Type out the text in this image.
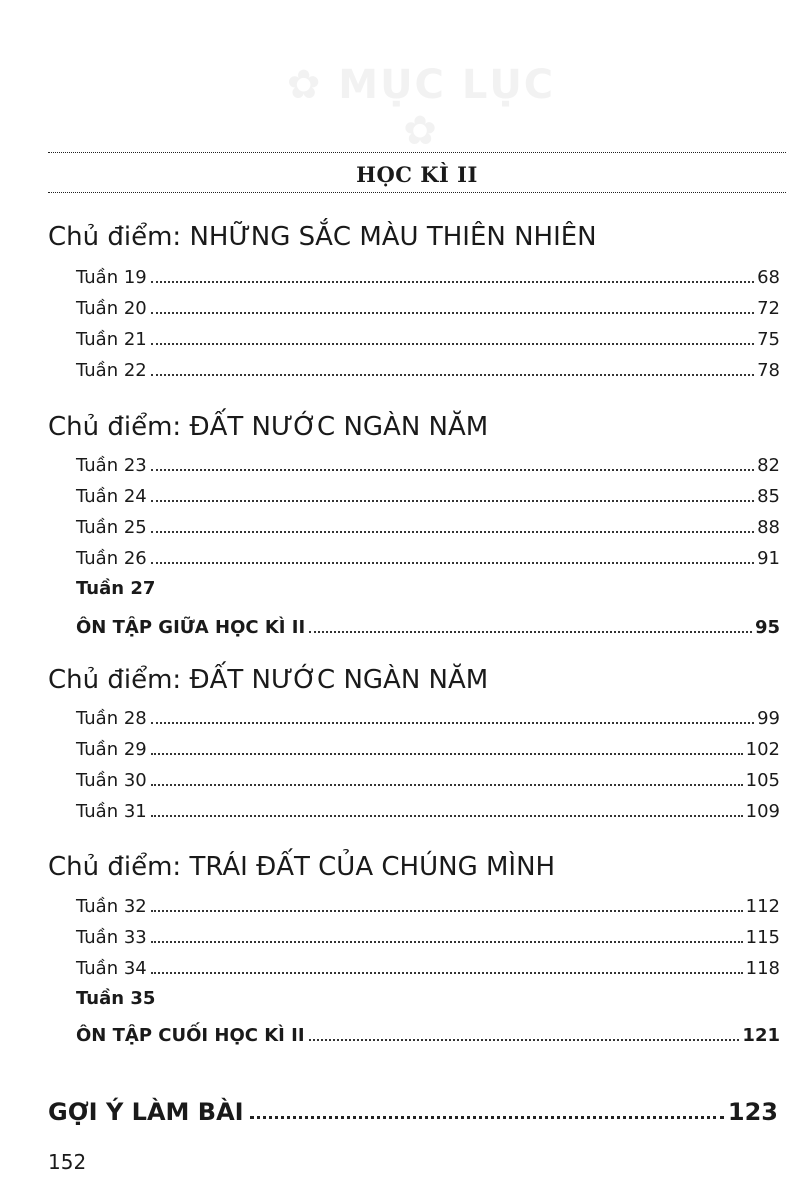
✿ MỤC LỤC ✿
HỌC KÌ II
Chủ điểm: NHỮNG SẮC MÀU THIÊN NHIÊN
Tuần 19	68
Tuần 20	72
Tuần 21	75
Tuần 22	78
Chủ điểm: ĐẤT NƯỚC NGÀN NĂM
Tuần 23	82
Tuần 24	85
Tuần 25	88
Tuần 26	91
Tuần 27
ÔN TẬP GIỮA HỌC KÌ II	95
Chủ điểm: ĐẤT NƯỚC NGÀN NĂM
Tuần 28	99
Tuần 29	102
Tuần 30	105
Tuần 31	109
Chủ điểm: TRÁI ĐẤT CỦA CHÚNG MÌNH
Tuần 32	112
Tuần 33	115
Tuần 34	118
Tuần 35
ÔN TẬP CUỐI HỌC KÌ II	121
GỢI Ý LÀM BÀI	123
152
